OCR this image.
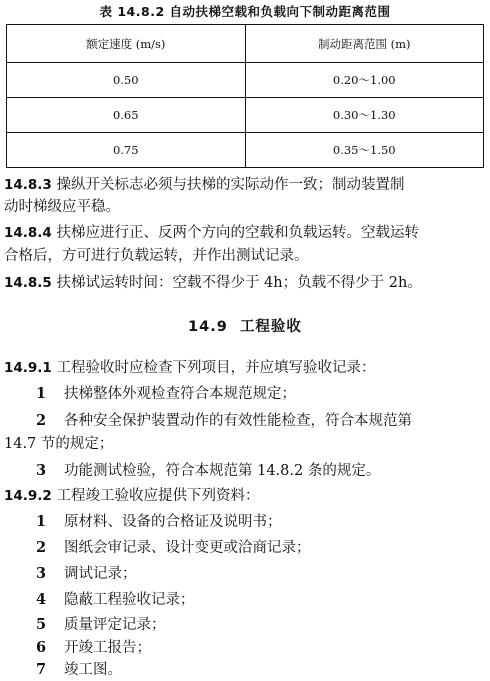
表 14.8.2 自动扶梯空载和负载向下制动距离范围
额定速度 (m/s)	制动距离范围 (m)
0.50	0.20～1.00
0.65	0.30～1.30
0.75	0.35～1.50
14.8.3 操纵开关标志必须与扶梯的实际动作一致；制动装置制
动时梯级应平稳。
14.8.4 扶梯应进行正、反两个方向的空载和负载运转。空载运转
合格后，方可进行负载运转，并作出测试记录。
14.8.5 扶梯试运转时间：空载不得少于 4h；负载不得少于 2h。
14.9 工程验收
14.9.1 工程验收时应检查下列项目，并应填写验收记录：
1 扶梯整体外观检查符合本规范规定；
2 各种安全保护装置动作的有效性能检查，符合本规范第
14.7 节的规定；
3 功能测试检验，符合本规范第 14.8.2 条的规定。
14.9.2 工程竣工验收应提供下列资料：
1 原材料、设备的合格证及说明书；
2 图纸会审记录、设计变更或洽商记录；
3 调试记录；
4 隐蔽工程验收记录；
5 质量评定记录；
6 开竣工报告；
7 竣工图。
